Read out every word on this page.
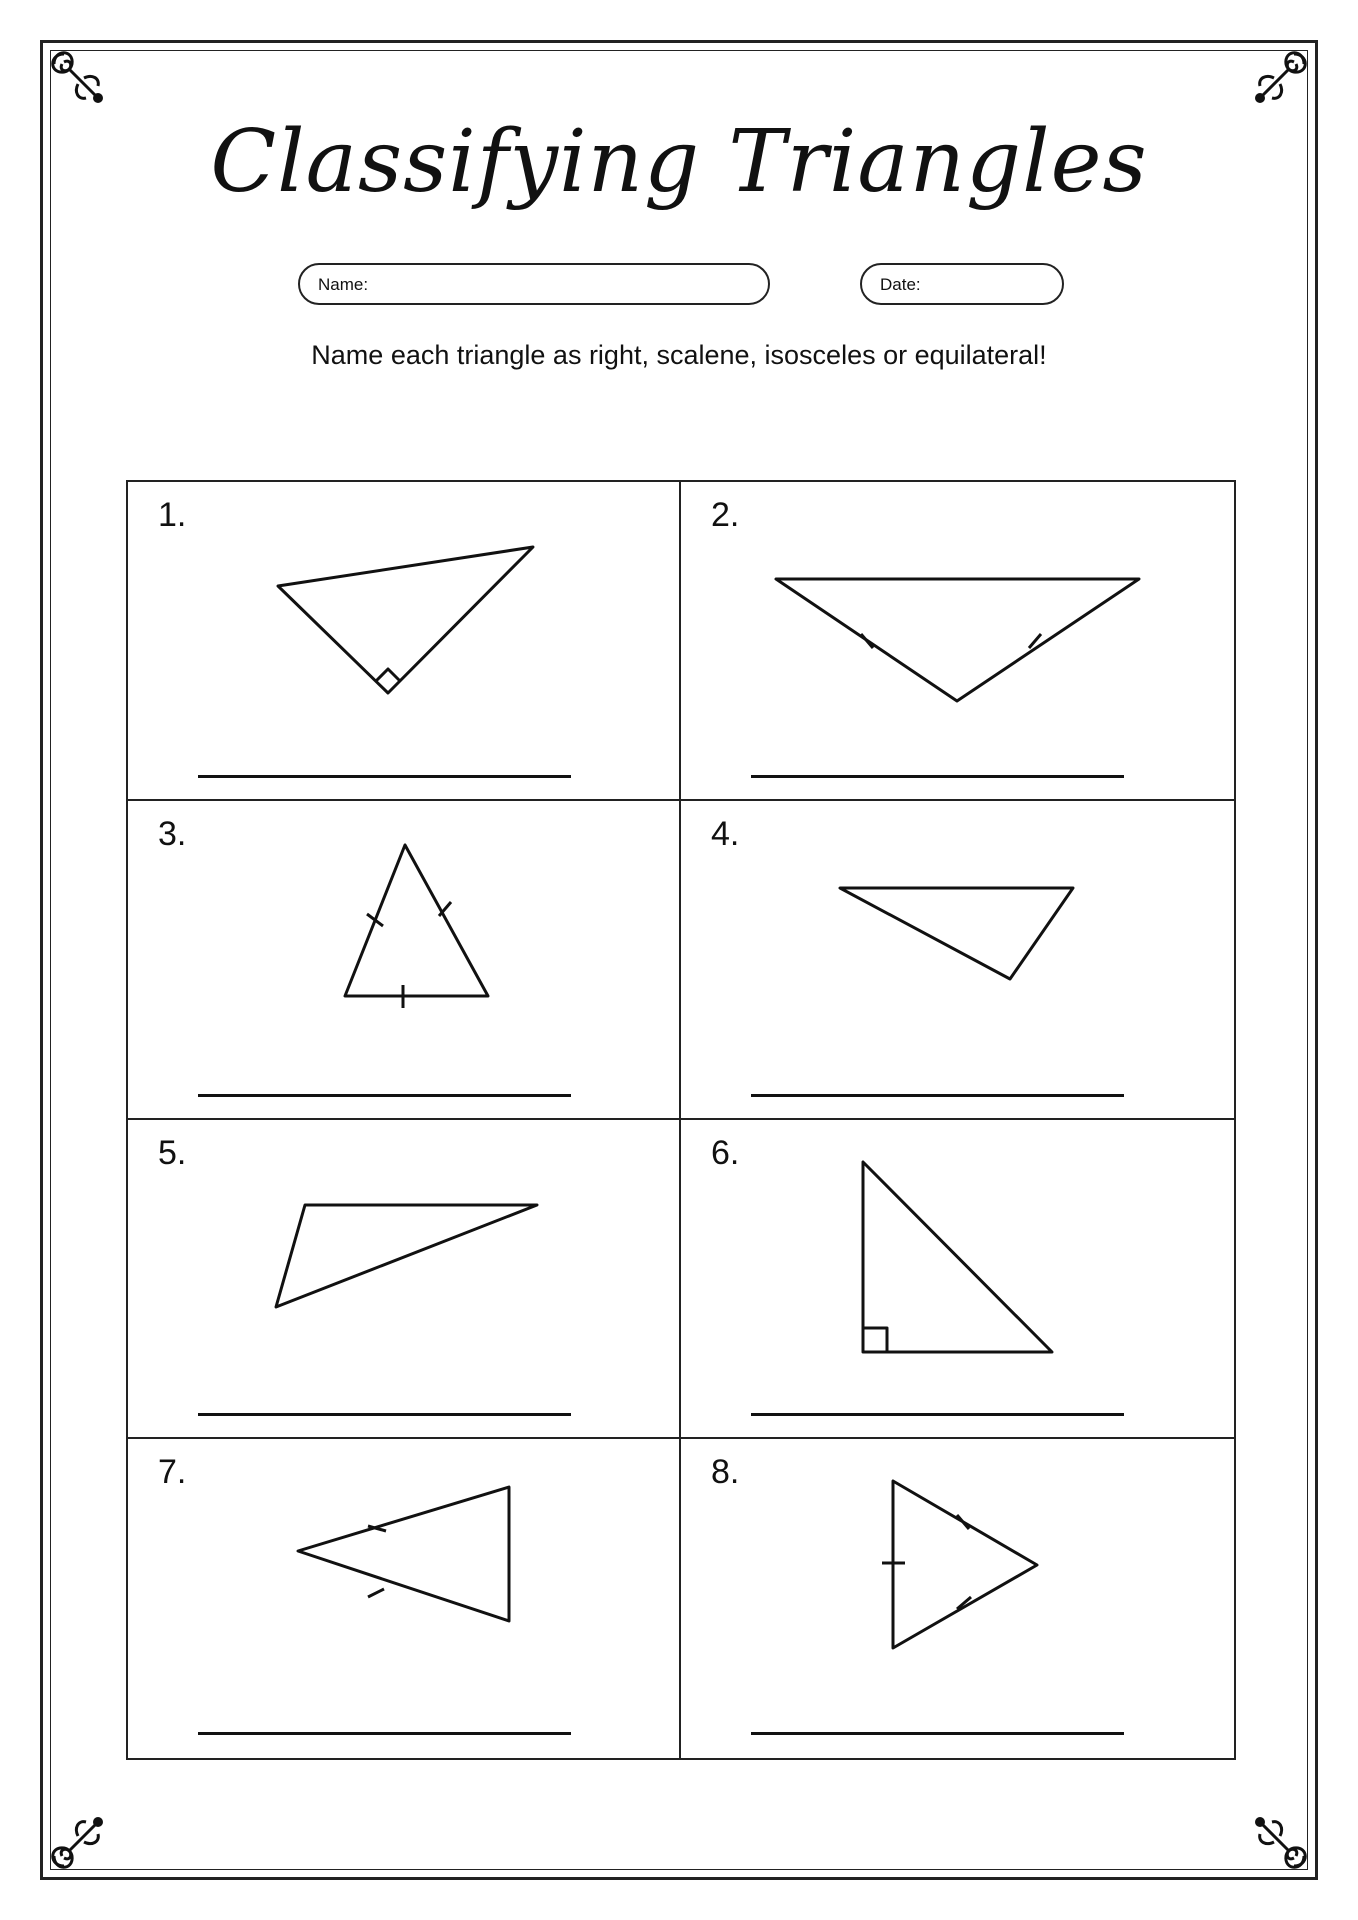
Classifying Triangles
Name:	Date:
Name each triangle as right, scalene, isosceles or equilateral!
1.	2.
3.	4.
5.	6.
7.	8.
